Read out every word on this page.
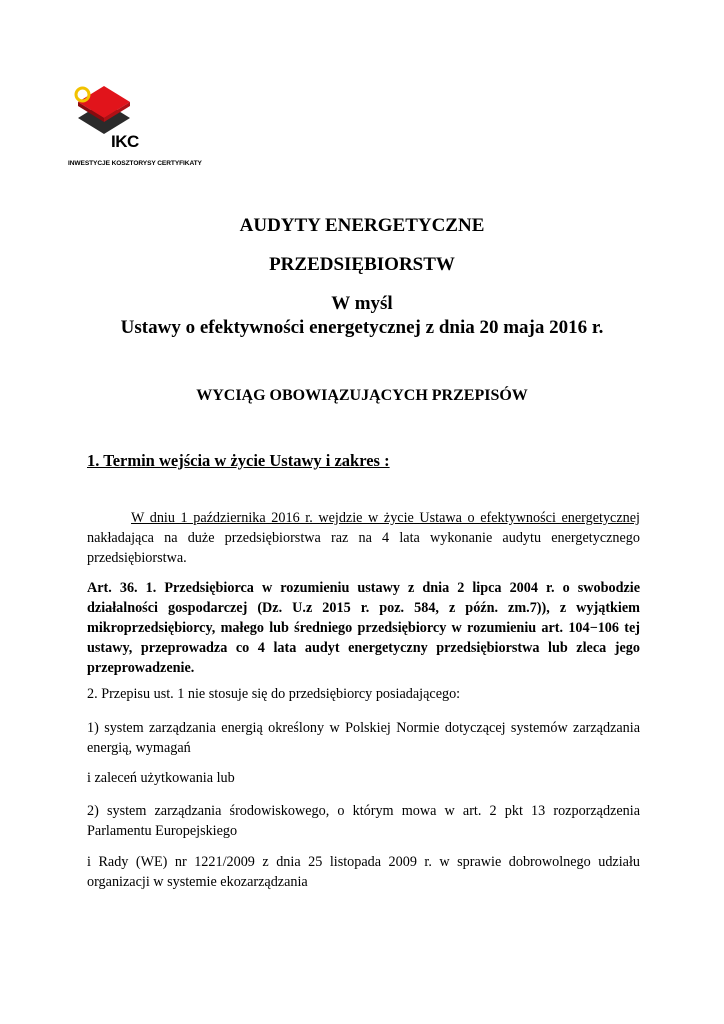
IKC
INWESTYCJE KOSZTORYSY CERTYFIKATY
AUDYTY ENERGETYCZNE
PRZEDSIĘBIORSTW
W myśl
Ustawy o efektywności energetycznej z dnia 20 maja 2016 r.
WYCIĄG OBOWIĄZUJĄCYCH PRZEPISÓW
1. Termin wejścia w życie Ustawy i zakres :
W dniu 1 października 2016 r. wejdzie w życie Ustawa o efektywności energetycznej nakładająca na duże przedsiębiorstwa raz na 4 lata wykonanie audytu energetycznego przedsiębiorstwa.
Art. 36. 1. Przedsiębiorca w rozumieniu ustawy z dnia 2 lipca 2004 r. o swobodzie działalności gospodarczej (Dz. U.z 2015 r. poz. 584, z późn. zm.7)), z wyjątkiem mikroprzedsiębiorcy, małego lub średniego przedsiębiorcy w rozumieniu art. 104−106 tej ustawy, przeprowadza co 4 lata audyt energetyczny przedsiębiorstwa lub zleca jego przeprowadzenie.
2. Przepisu ust. 1 nie stosuje się do przedsiębiorcy posiadającego:
1) system zarządzania energią określony w Polskiej Normie dotyczącej systemów zarządzania energią, wymagań
i zaleceń użytkowania lub
2) system zarządzania środowiskowego, o którym mowa w art. 2 pkt 13 rozporządzenia Parlamentu Europejskiego
i Rady (WE) nr 1221/2009 z dnia 25 listopada 2009 r. w sprawie dobrowolnego udziału organizacji w systemie ekozarządzania
